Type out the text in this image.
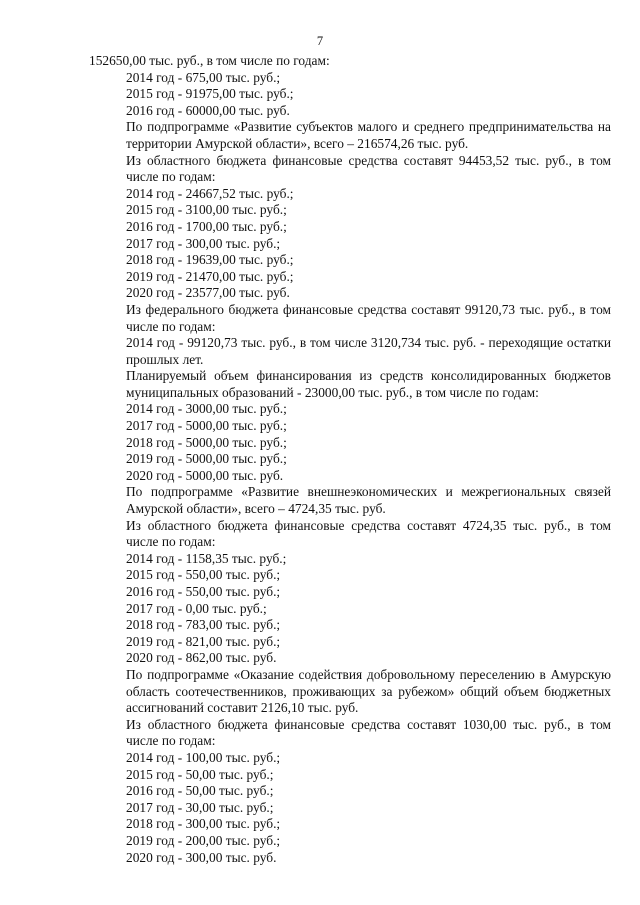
7

152650,00 тыс. руб., в том числе по годам:

2014 год - 675,00 тыс. руб.;

2015 год - 91975,00 тыс. руб.;

2016 год - 60000,00 тыс. руб.

По подпрограмме «Развитие субъектов малого и среднего предпринимательства на территории Амурской области», всего – 216574,26 тыс. руб.

Из областного бюджета финансовые средства составят 94453,52 тыс. руб., в том числе по годам:

2014 год - 24667,52 тыс. руб.;

2015 год - 3100,00 тыс. руб.;

2016 год - 1700,00 тыс. руб.;

2017 год - 300,00 тыс. руб.;

2018 год - 19639,00 тыс. руб.;

2019 год - 21470,00 тыс. руб.;

2020 год - 23577,00 тыс. руб.

Из федерального бюджета финансовые средства составят 99120,73 тыс. руб., в том числе по годам:

2014 год - 99120,73 тыс. руб., в том числе 3120,734 тыс. руб. - переходящие остатки прошлых лет.

Планируемый объем финансирования из средств консолидированных бюджетов муниципальных образований - 23000,00 тыс. руб., в том числе по годам:

2014 год - 3000,00 тыс. руб.;

2017 год - 5000,00 тыс. руб.;

2018 год - 5000,00 тыс. руб.;

2019 год - 5000,00 тыс. руб.;

2020 год - 5000,00 тыс. руб.

По подпрограмме «Развитие внешнеэкономических и межрегиональных связей Амурской области», всего – 4724,35 тыс. руб.

Из областного бюджета финансовые средства составят 4724,35 тыс. руб., в том числе по годам:

2014 год - 1158,35 тыс. руб.;

2015 год - 550,00 тыс. руб.;

2016 год - 550,00 тыс. руб.;

2017 год - 0,00 тыс. руб.;

2018 год - 783,00 тыс. руб.;

2019 год - 821,00 тыс. руб.;

2020 год - 862,00 тыс. руб.

По подпрограмме «Оказание содействия добровольному переселению в Амурскую область соотечественников, проживающих за рубежом» общий объем бюджетных ассигнований составит 2126,10 тыс. руб.

Из областного бюджета финансовые средства составят 1030,00 тыс. руб., в том числе по годам:

2014 год - 100,00 тыс. руб.;

2015 год - 50,00 тыс. руб.;

2016 год - 50,00 тыс. руб.;

2017 год - 30,00 тыс. руб.;

2018 год - 300,00 тыс. руб.;

2019 год - 200,00 тыс. руб.;

2020 год - 300,00 тыс. руб.
